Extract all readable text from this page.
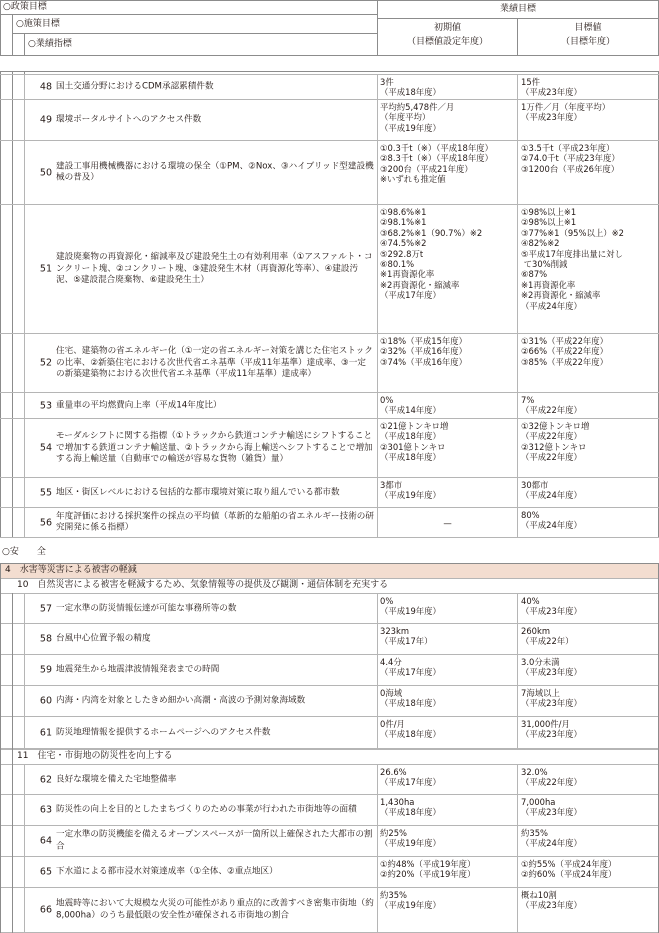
○政策目標
○施策目標
○業績指標
業績目標
初期値
（目標値設定年度）
目標値
（目標年度）
48 国土交通分野におけるCDM承認累積件数	3件
（平成18年度）
15件
（平成23年度）
49 環境ポータルサイトへのアクセス件数
平均約5,478件／月
（年度平均）
（平成19年度）
1万件／月（年度平均）
（平成23年度）
50
建設工事用機械機器における環境の保全（①PM、②Nox、③ハイブリッド型建設機械の普及）
①0.3千t（※）（平成18年度）
②8.3千t（※）（平成18年度）
③200台（平成21年度）
※いずれも推定値
①3.5千t（平成23年度）
②74.0千t（平成23年度）
③1200台（平成26年度）
51
建設廃棄物の再資源化・縮減率及び建設発生土の有効利用率（①アスファルト・コンクリート塊、②コンクリート塊、③建設発生木材（再資源化等率）、④建設汚泥、⑤建設混合廃棄物、⑥建設発生土）
①98.6%※1
②98.1%※1
③68.2%※1（90.7%）※2
④74.5%※2
⑤292.8万t
⑥80.1%
※1再資源化率
※2再資源化・縮減率
（平成17年度）
①98%以上※1
②98%以上※1
③77%※1（95%以上）※2
④82%※2
⑤平成17年度排出量に対し
て30%削減
⑥87%
※1再資源化率
※2再資源化・縮減率
（平成24年度）
52
住宅、建築物の省エネルギー化（①一定の省エネルギー対策を講じた住宅ストックの比率、②新築住宅における次世代省エネ基準（平成11年基準）達成率、③一定の新築建築物における次世代省エネ基準（平成11年基準）達成率）
①18%（平成15年度）
②32%（平成16年度）
③74%（平成16年度）
①31%（平成22年度）
②66%（平成22年度）
③85%（平成22年度）
53 重量車の平均燃費向上率（平成14年度比）	0%
（平成14年度）
7%
（平成22年度）
54
モーダルシフトに関する指標（①トラックから鉄道コンテナ輸送にシフトすることで増加する鉄道コンテナ輸送量、②トラックから海上輸送へシフトすることで増加する海上輸送量（自動車での輸送が容易な貨物（雑貨）量）
①21億トンキロ増
（平成18年度）
②301億トンキロ
（平成18年度）
①32億トンキロ増
（平成22年度）
②312億トンキロ
（平成22年度）
55 地区・街区レベルにおける包括的な都市環境対策に取り組んでいる都市数
3都市
（平成19年度）
30都市
（平成24年度）
56
年度評価における採択案件の採点の平均値（革新的な船舶の省エネルギー技術の研究開発に係る指標）
—
80%
（平成24年度）
○安　　全
4　水害等災害による被害の軽減
10　自然災害による被害を軽減するため、気象情報等の提供及び観測・通信体制を充実する
57 一定水準の防災情報伝達が可能な事務所等の数
0%
（平成19年度）
40%
（平成23年度）
58 台風中心位置予報の精度
323km
（平成17年）
260km
（平成22年）
59 地震発生から地震津波情報発表までの時間
4.4分
（平成17年度）
3.0分未満
（平成23年度）
60 内海・内湾を対象としたきめ細かい高潮・高波の予測対象海域数
0海域
（平成18年度）
7海域以上
（平成23年度）
61 防災地理情報を提供するホームページへのアクセス件数
0件/月
（平成18年度）
31,000件/月
（平成23年度）
11　住宅・市街地の防災性を向上する
62 良好な環境を備えた宅地整備率
26.6%
（平成17年度）
32.0%
（平成22年度）
63 防災性の向上を目的としたまちづくりのための事業が行われた市街地等の面積
1,430ha
（平成18年度）
7,000ha
（平成23年度）
64
一定水準の防災機能を備えるオープンスペースが一箇所以上確保された大都市の割合
約25%
（平成19年度）
約35%
（平成24年度）
65 下水道による都市浸水対策達成率（①全体、②重点地区）
①約48%（平成19年度）
②約20%（平成19年度）
①約55%（平成24年度）
②約60%（平成24年度）
66
地震時等において大規模な火災の可能性があり重点的に改善すべき密集市街地（約8,000ha）のうち最低限の安全性が確保される市街地の割合
約35%
（平成19年度）
概ね10割
（平成23年度）
